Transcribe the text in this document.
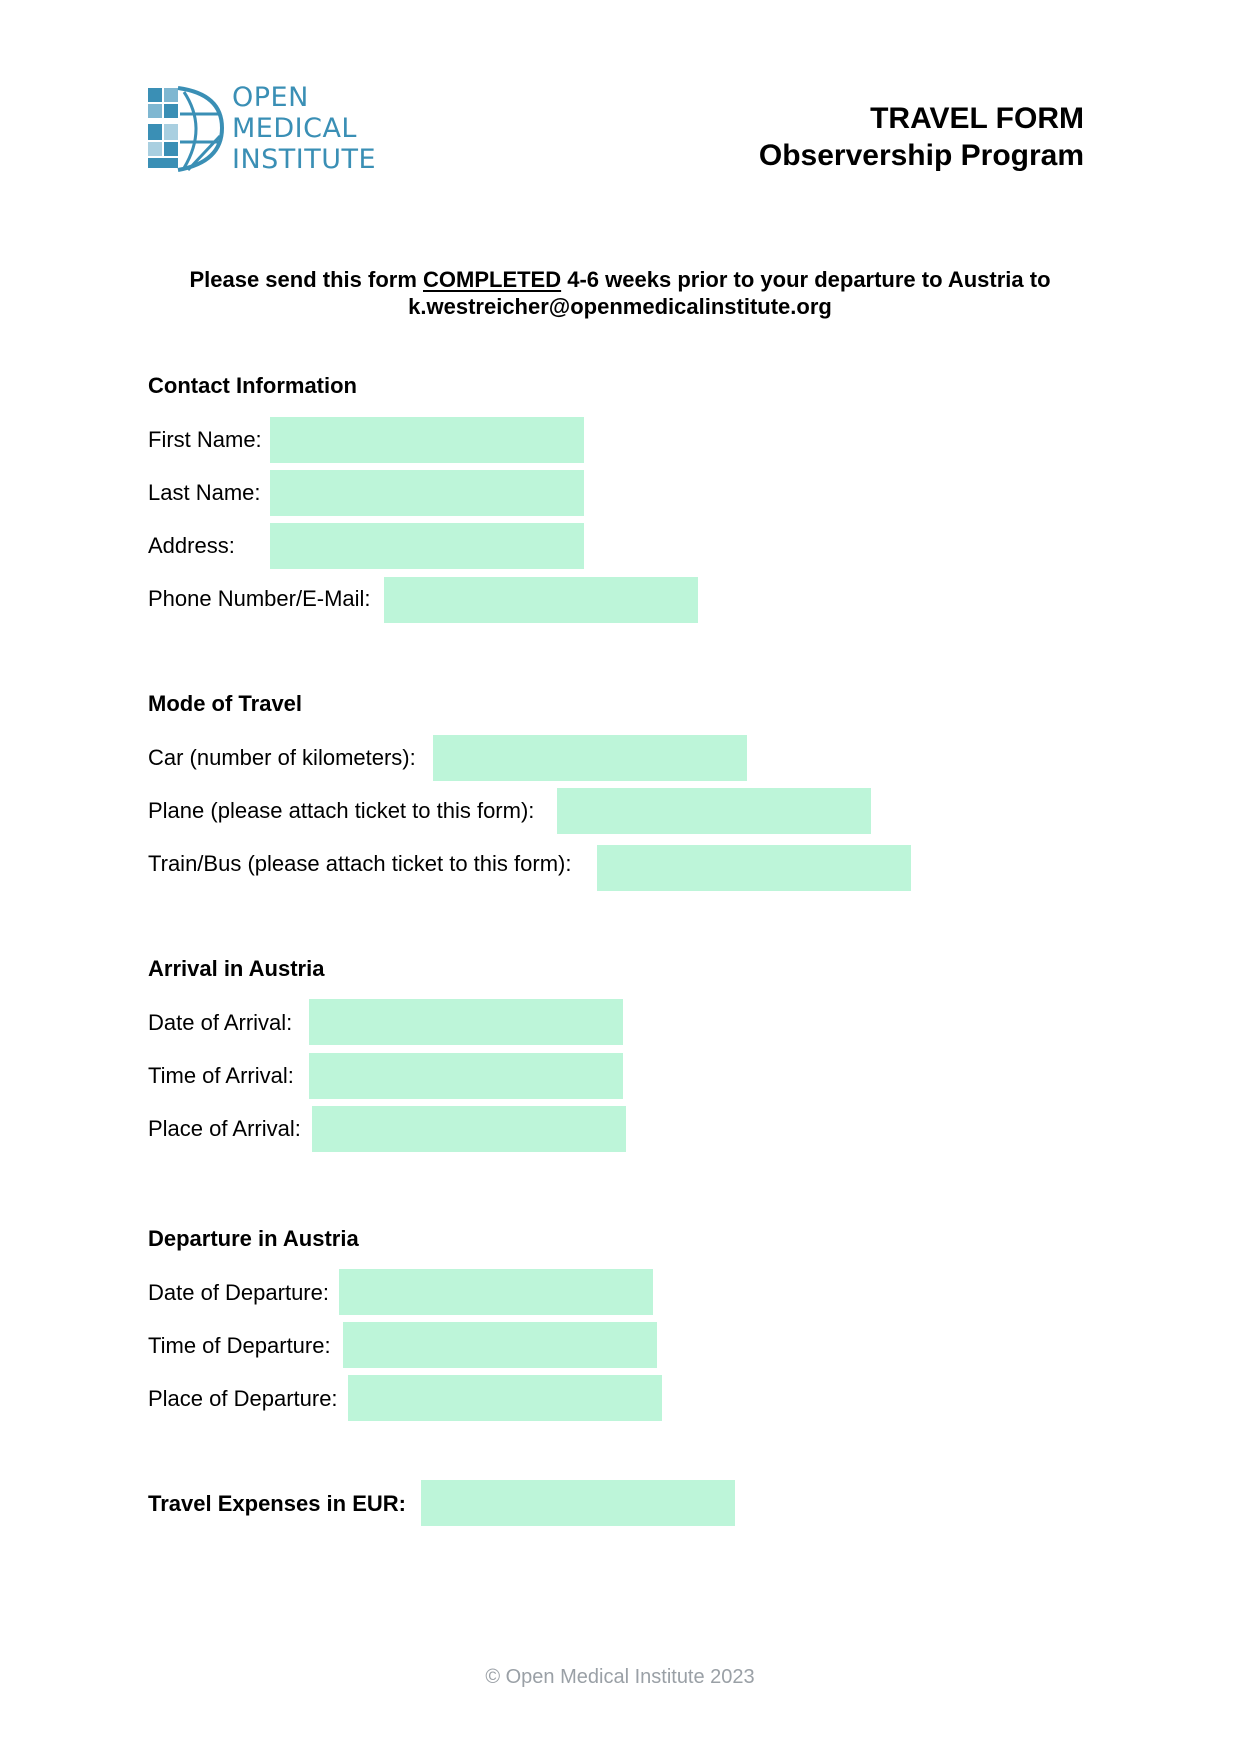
OPEN
MEDICAL
INSTITUTE
TRAVEL FORM
Observership Program
Please send this form COMPLETED 4-6 weeks prior to your departure to Austria to
k.westreicher@openmedicalinstitute.org
Contact Information
First Name:
Last Name:
Address:
Phone Number/E-Mail:
Mode of Travel
Car (number of kilometers):
Plane (please attach ticket to this form):
Train/Bus (please attach ticket to this form):
Arrival in Austria
Date of Arrival:
Time of Arrival:
Place of Arrival:
Departure in Austria
Date of Departure:
Time of Departure:
Place of Departure:
Travel Expenses in EUR:
© Open Medical Institute 2023
